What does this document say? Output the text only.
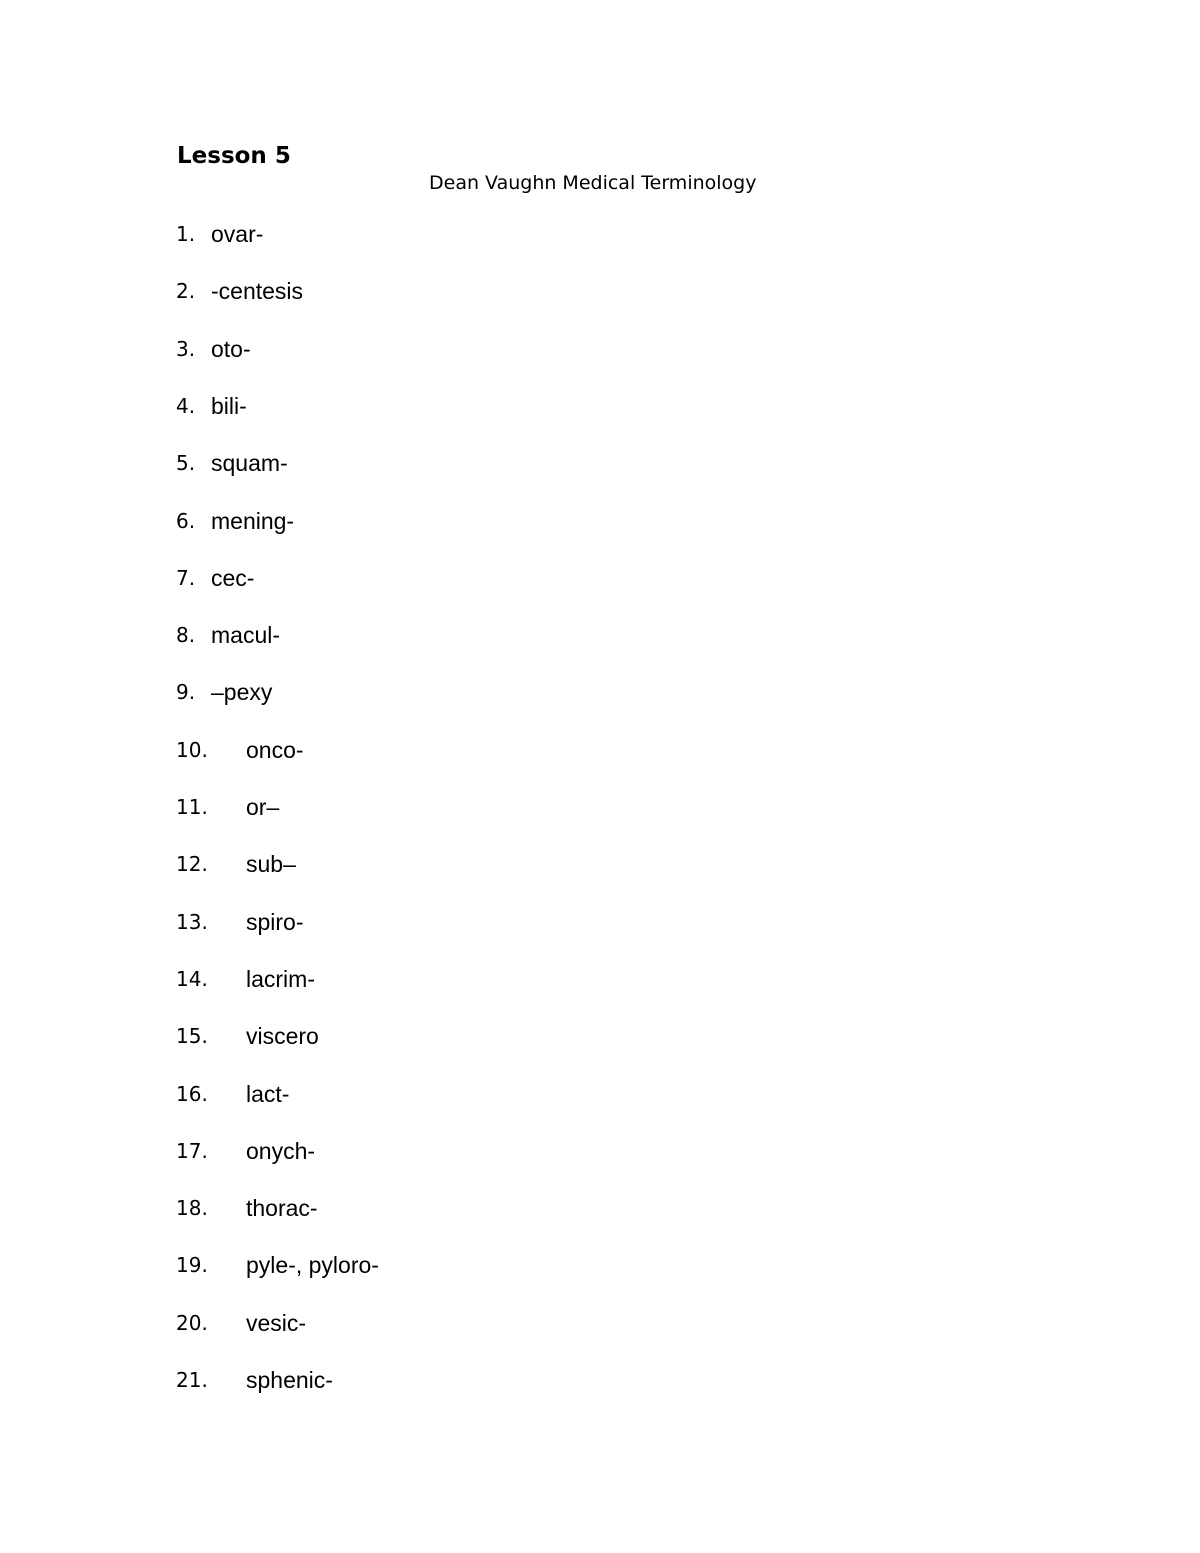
Lesson 5
Dean Vaughn Medical Terminology
1. ovar-
2. -centesis
3. oto-
4. bili-
5. squam-
6. mening-
7. cec-
8. macul-
9. –pexy
10. onco-
11. or–
12. sub–
13. spiro-
14. lacrim-
15. viscero
16. lact-
17. onych-
18. thorac-
19. pyle-, pyloro-
20. vesic-
21. sphenic-
